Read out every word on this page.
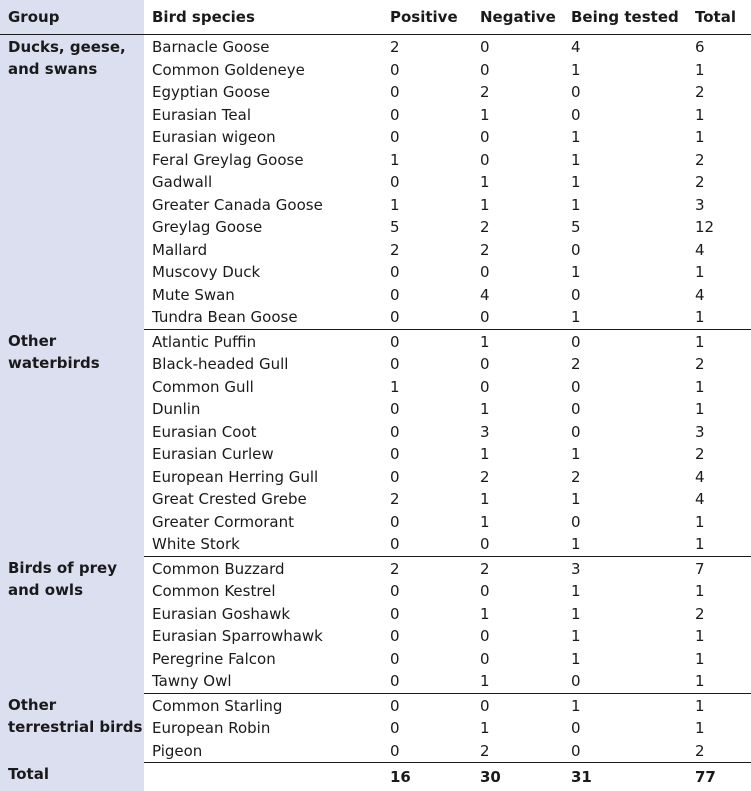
Group	Bird species	Positive	Negative	Being tested	Total
Ducks, geese, and swans	Barnacle Goose	2	0	4	6
	Common Goldeneye	0	0	1	1
	Egyptian Goose	0	2	0	2
	Eurasian Teal	0	1	0	1
	Eurasian wigeon	0	0	1	1
	Feral Greylag Goose	1	0	1	2
	Gadwall	0	1	1	2
	Greater Canada Goose	1	1	1	3
	Greylag Goose	5	2	5	12
	Mallard	2	2	0	4
	Muscovy Duck	0	0	1	1
	Mute Swan	0	4	0	4
	Tundra Bean Goose	0	0	1	1
Other waterbirds	Atlantic Puffin	0	1	0	1
	Black-headed Gull	0	0	2	2
	Common Gull	1	0	0	1
	Dunlin	0	1	0	1
	Eurasian Coot	0	3	0	3
	Eurasian Curlew	0	1	1	2
	European Herring Gull	0	2	2	4
	Great Crested Grebe	2	1	1	4
	Greater Cormorant	0	1	0	1
	White Stork	0	0	1	1
Birds of prey and owls	Common Buzzard	2	2	3	7
	Common Kestrel	0	0	1	1
	Eurasian Goshawk	0	1	1	2
	Eurasian Sparrowhawk	0	0	1	1
	Peregrine Falcon	0	0	1	1
	Tawny Owl	0	1	0	1
Other terrestrial birds	Common Starling	0	0	1	1
	European Robin	0	1	0	1
	Pigeon	0	2	0	2
Total		16	30	31	77
